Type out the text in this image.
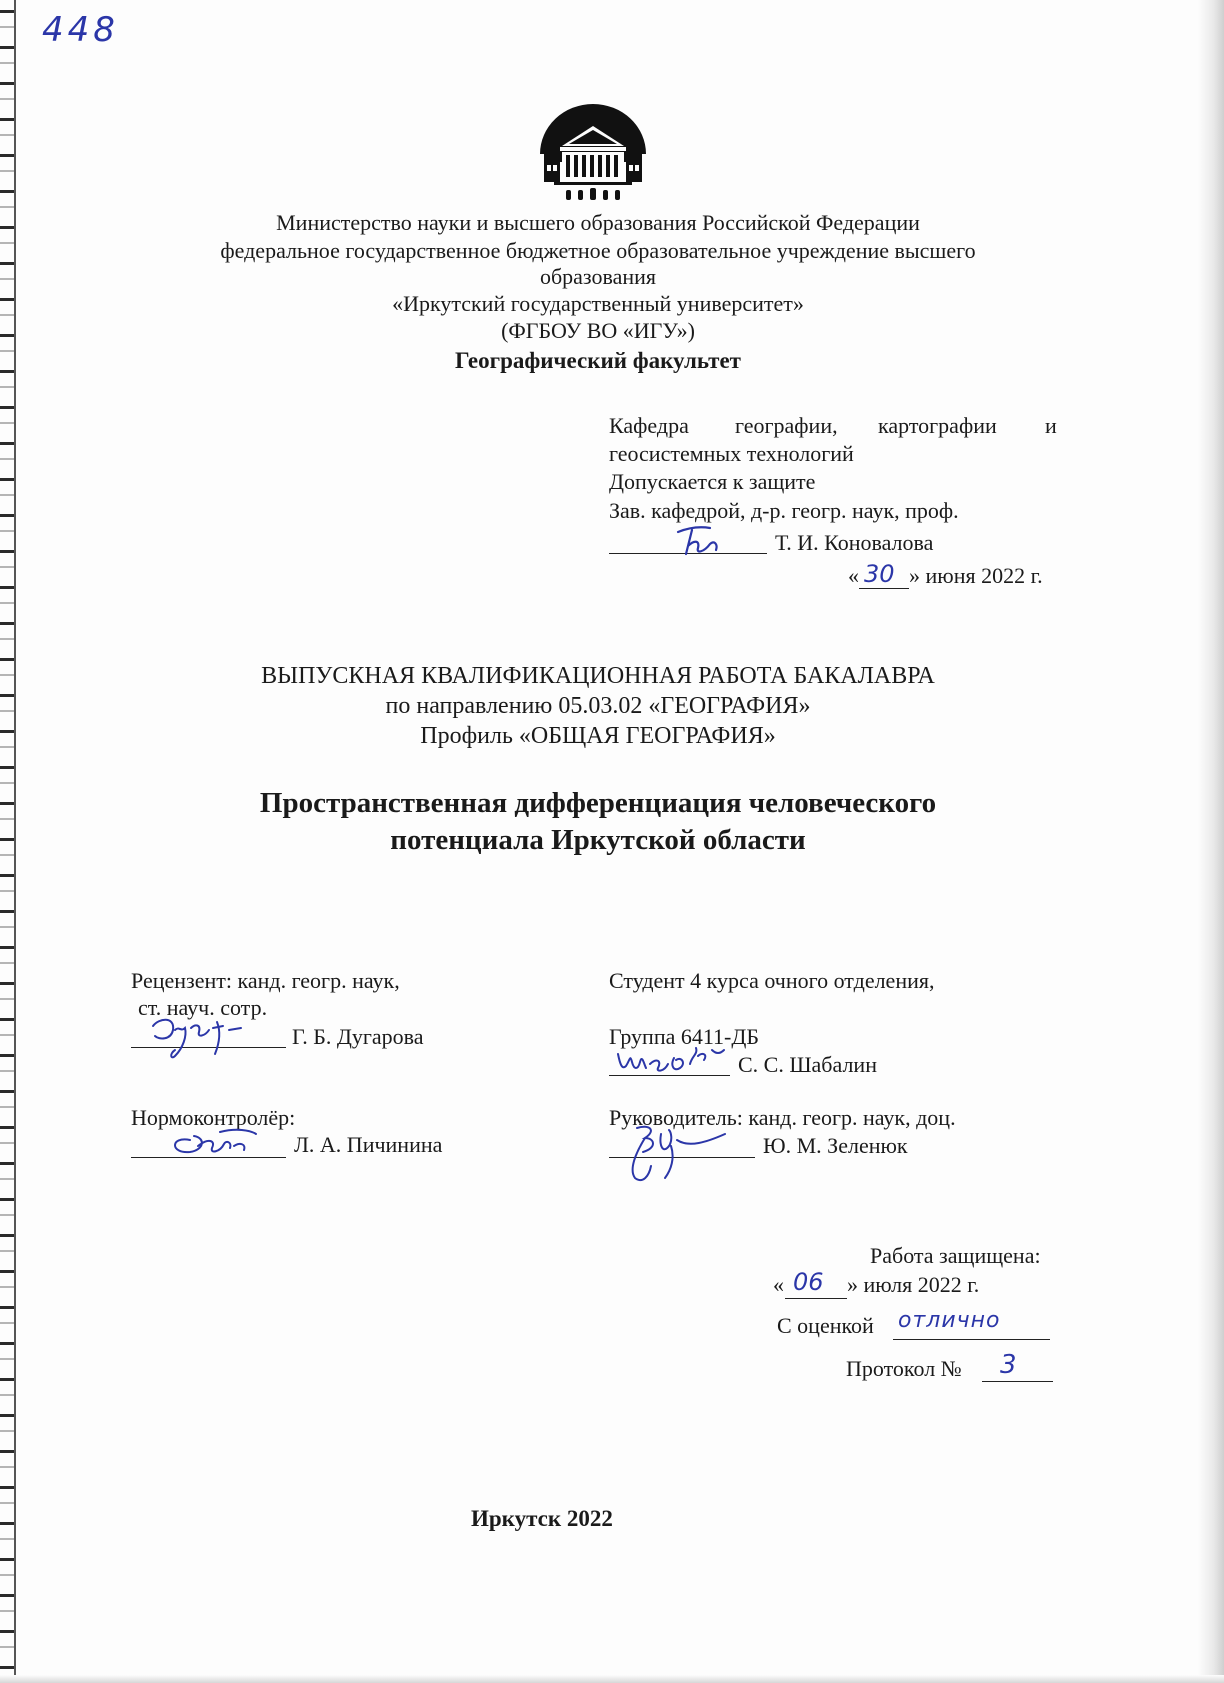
448
Министерство науки и высшего образования Российской Федерации
федеральное государственное бюджетное образовательное учреждение высшего
образования
«Иркутский государственный университет»
(ФГБОУ ВО «ИГУ»)
Географический факультет
Кафедра географии, картографии и
геосистемных технологий
Допускается к защите
Зав. кафедрой, д-р. геогр. наук, проф.
Т. И. Коновалова
« 30 » июня 2022 г.
ВЫПУСКНАЯ КВАЛИФИКАЦИОННАЯ РАБОТА БАКАЛАВРА
по направлению 05.03.02 «ГЕОГРАФИЯ»
Профиль «ОБЩАЯ ГЕОГРАФИЯ»
Пространственная дифференциация человеческого
потенциала Иркутской области
Рецензент: канд. геогр. наук,
ст. науч. сотр.
Г. Б. Дугарова
Нормоконтролёр:
Л. А. Пичинина
Студент 4 курса очного отделения,
Группа 6411-ДБ
С. С. Шабалин
Руководитель: канд. геогр. наук, доц.
Ю. М. Зеленюк
Работа защищена:
« 06 » июля 2022 г.
С оценкой отлично
Протокол № 3
Иркутск 2022
